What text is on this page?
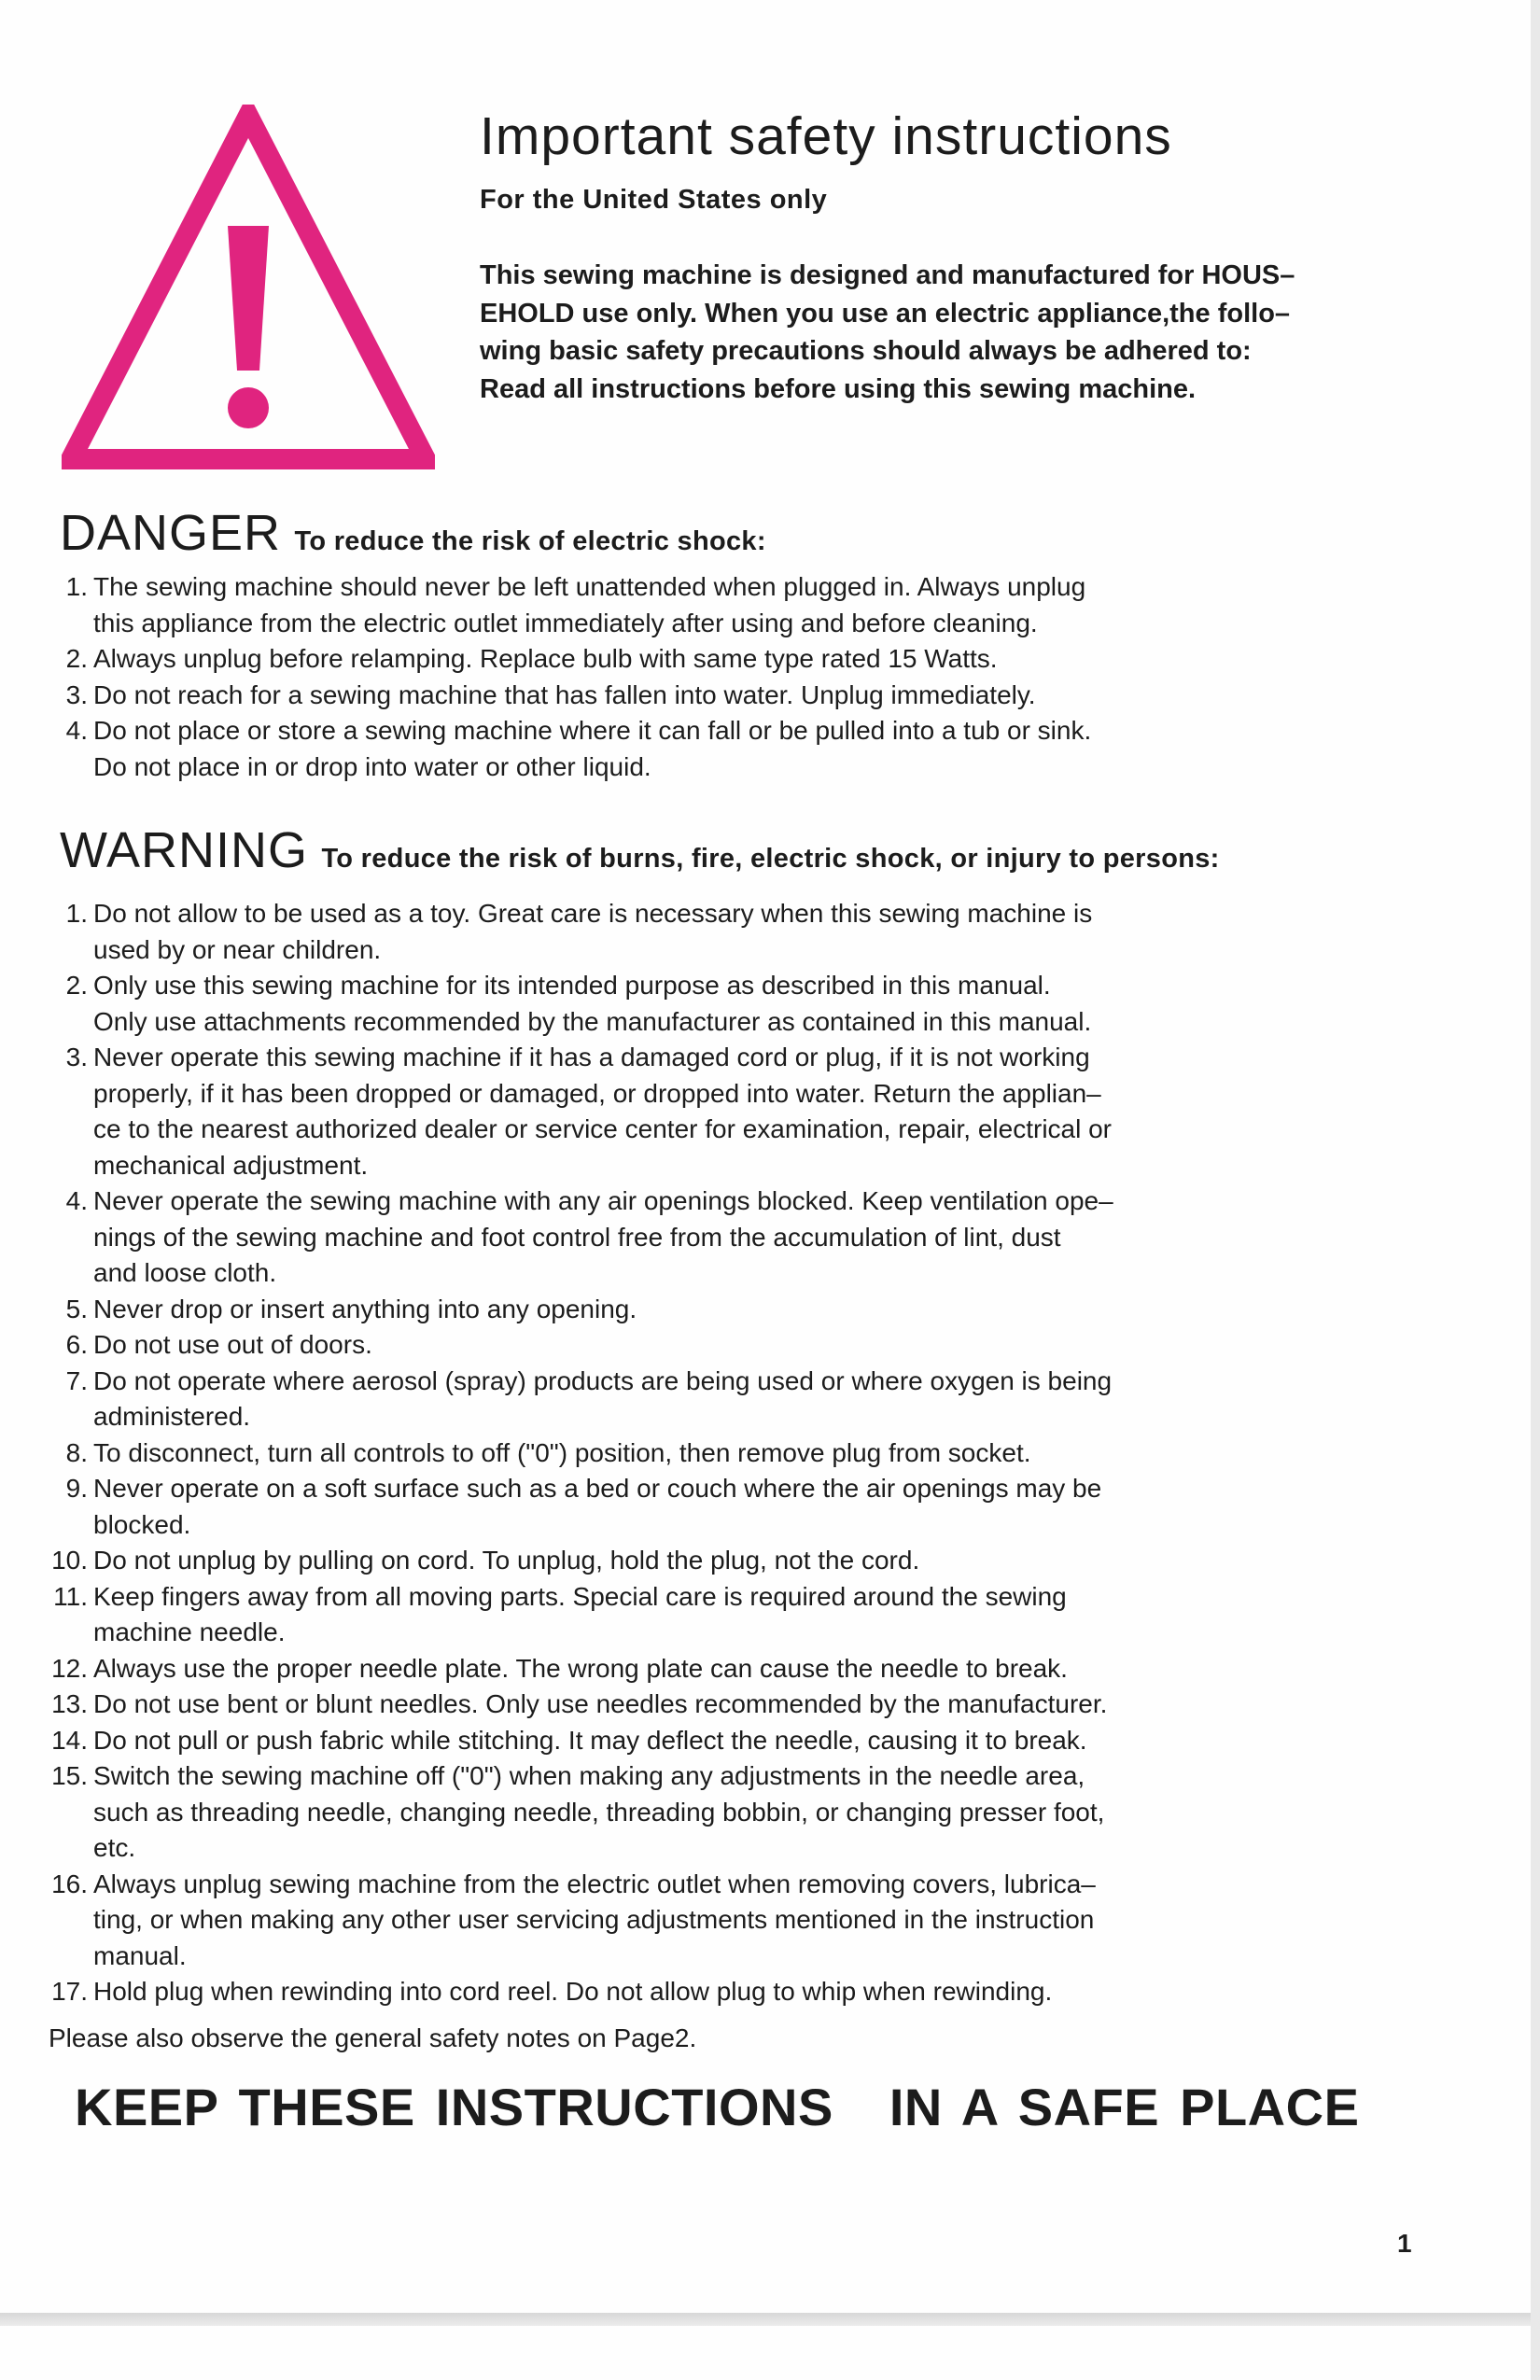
Important safety instructions
For the United States only
This sewing machine is designed and manufactured for HOUS–
EHOLD use only. When you use an electric appliance,the follo–
wing basic safety precautions should always be adhered to:
Read all instructions before using this sewing machine.
DANGER To reduce the risk of electric shock:
1. The sewing machine should never be left unattended when plugged in. Always unplug
this appliance from the electric outlet immediately after using and before cleaning.
2. Always unplug before relamping. Replace bulb with same type rated 15 Watts.
3. Do not reach for a sewing machine that has fallen into water. Unplug immediately.
4. Do not place or store a sewing machine where it can fall or be pulled into a tub or sink.
Do not place in or drop into water or other liquid.
WARNING To reduce the risk of burns, fire, electric shock, or injury to persons:
1. Do not allow to be used as a toy. Great care is necessary when this sewing machine is
used by or near children.
2. Only use this sewing machine for its intended purpose as described in this manual.
Only use attachments recommended by the manufacturer as contained in this manual.
3. Never operate this sewing machine if it has a damaged cord or plug, if it is not working
properly, if it has been dropped or damaged, or dropped into water. Return the applian–
ce to the nearest authorized dealer or service center for examination, repair, electrical or
mechanical adjustment.
4. Never operate the sewing machine with any air openings blocked. Keep ventilation ope–
nings of the sewing machine and foot control free from the accumulation of lint, dust
and loose cloth.
5. Never drop or insert anything into any opening.
6. Do not use out of doors.
7. Do not operate where aerosol (spray) products are being used or where oxygen is being
administered.
8. To disconnect, turn all controls to off ("0") position, then remove plug from socket.
9. Never operate on a soft surface such as a bed or couch where the air openings may be
blocked.
10. Do not unplug by pulling on cord. To unplug, hold the plug, not the cord.
11. Keep fingers away from all moving parts. Special care is required around the sewing
machine needle.
12. Always use the proper needle plate. The wrong plate can cause the needle to break.
13. Do not use bent or blunt needles. Only use needles recommended by the manufacturer.
14. Do not pull or push fabric while stitching. It may deflect the needle, causing it to break.
15. Switch the sewing machine off ("0") when making any adjustments in the needle area,
such as threading needle, changing needle, threading bobbin, or changing presser foot,
etc.
16. Always unplug sewing machine from the electric outlet when removing covers, lubrica–
ting, or when making any other user servicing adjustments mentioned in the instruction
manual.
17. Hold plug when rewinding into cord reel. Do not allow plug to whip when rewinding.
Please also observe the general safety notes on Page2.
KEEP THESE INSTRUCTIONS IN A SAFE PLACE
1
